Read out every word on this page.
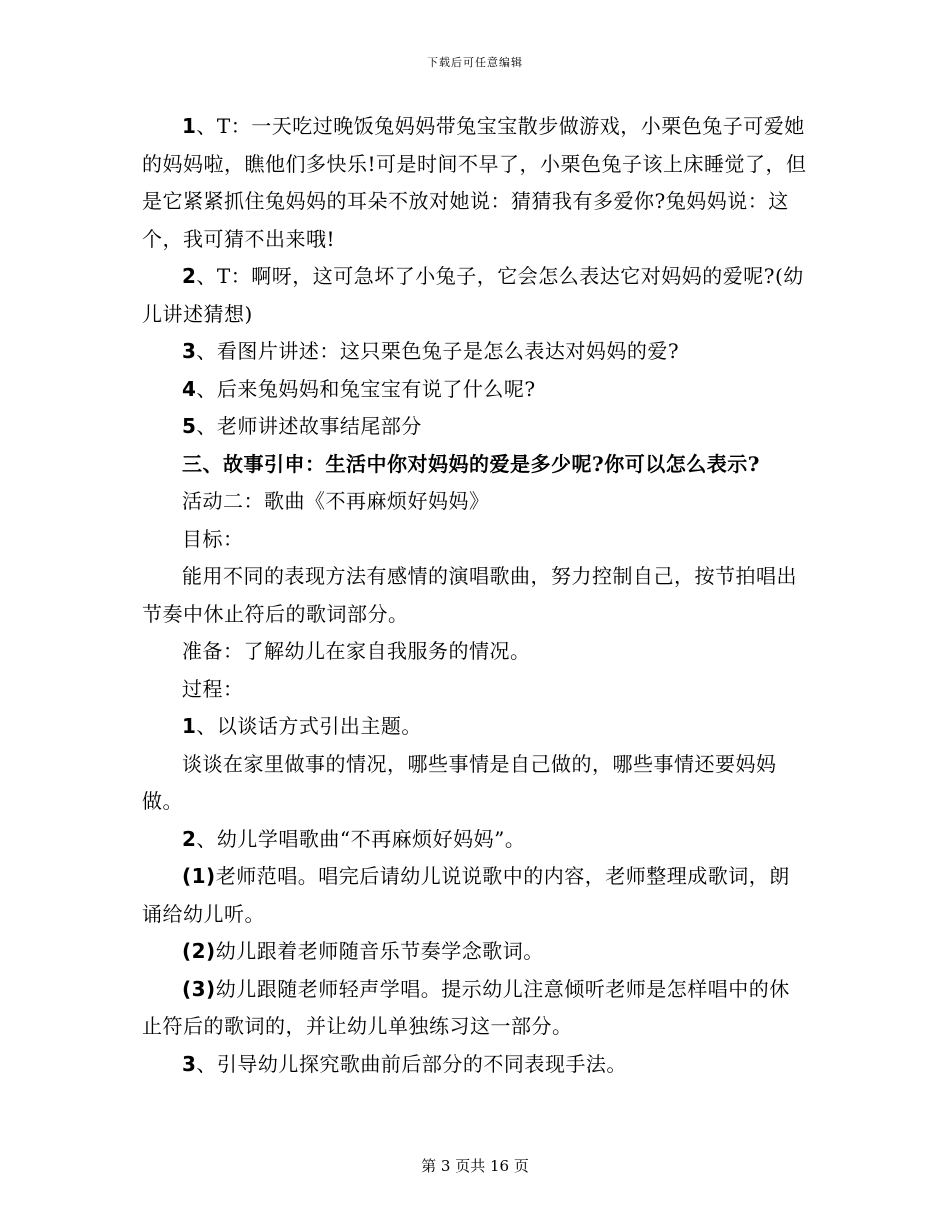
下载后可任意编辑

1、T：一天吃过晚饭兔妈妈带兔宝宝散步做游戏，小栗色兔子可爱她的妈妈啦，瞧他们多快乐!可是时间不早了，小栗色兔子该上床睡觉了，但是它紧紧抓住兔妈妈的耳朵不放对她说：猜猜我有多爱你?兔妈妈说：这个，我可猜不出来哦!

2、T：啊呀，这可急坏了小兔子，它会怎么表达它对妈妈的爱呢?(幼儿讲述猜想)

3、看图片讲述：这只栗色兔子是怎么表达对妈妈的爱?

4、后来兔妈妈和兔宝宝有说了什么呢?

5、老师讲述故事结尾部分

三、故事引申：生活中你对妈妈的爱是多少呢?你可以怎么表示?

活动二：歌曲《不再麻烦好妈妈》

目标：

能用不同的表现方法有感情的演唱歌曲，努力控制自己，按节拍唱出节奏中休止符后的歌词部分。

准备：了解幼儿在家自我服务的情况。

过程：

1、以谈话方式引出主题。

谈谈在家里做事的情况，哪些事情是自己做的，哪些事情还要妈妈做。

2、幼儿学唱歌曲“不再麻烦好妈妈”。

(1)老师范唱。唱完后请幼儿说说歌中的内容，老师整理成歌词，朗诵给幼儿听。

(2)幼儿跟着老师随音乐节奏学念歌词。

(3)幼儿跟随老师轻声学唱。提示幼儿注意倾听老师是怎样唱中的休止符后的歌词的，并让幼儿单独练习这一部分。

3、引导幼儿探究歌曲前后部分的不同表现手法。

第 3 页共 16 页
